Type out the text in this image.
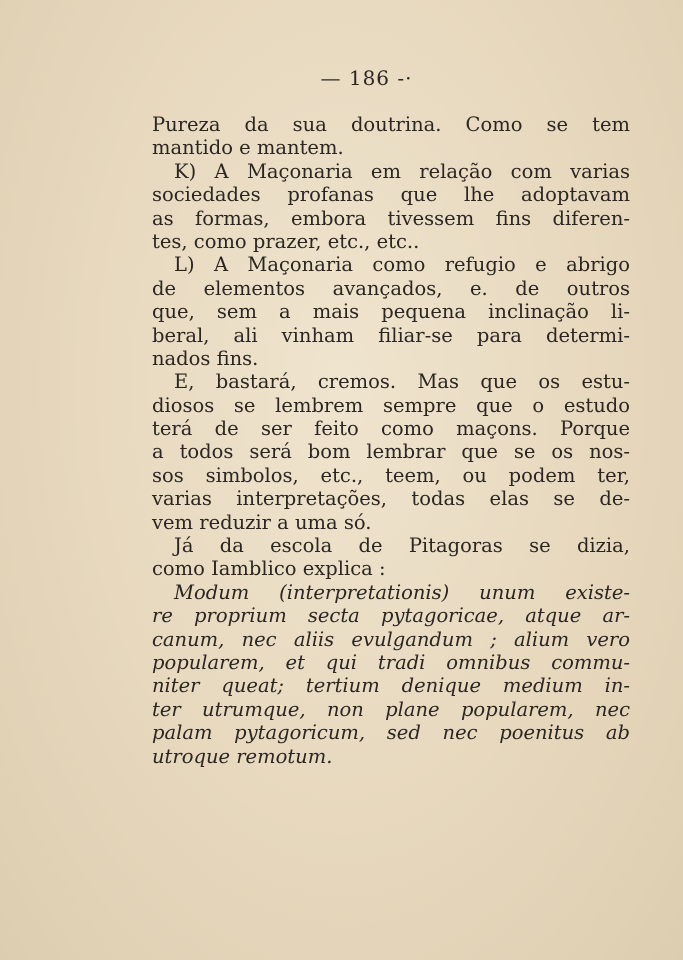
— 186 -·
Pureza da sua doutrina. Como se tem
mantido e mantem.
K) A Maçonaria em relação com varias
sociedades profanas que lhe adoptavam
as formas, embora tivessem fins diferen-
tes, como prazer, etc., etc..
L) A Maçonaria como refugio e abrigo
de elementos avançados, e. de outros
que, sem a mais pequena inclinação li-
beral, ali vinham filiar-se para determi-
nados fins.
E, bastará, cremos. Mas que os estu-
diosos se lembrem sempre que o estudo
terá de ser feito como maçons. Porque
a todos será bom lembrar que se os nos-
sos simbolos, etc., teem, ou podem ter,
varias interpretações, todas elas se de-
vem reduzir a uma só.
Já da escola de Pitagoras se dizia,
como Iamblico explica :
Modum (interpretationis) unum existe-
re proprium secta pytagoricae, atque ar-
canum, nec aliis evulgandum ; alium vero
popularem, et qui tradi omnibus commu-
niter queat; tertium denique medium in-
ter utrumque, non plane popularem, nec
palam pytagoricum, sed nec poenitus ab
utroque remotum.
